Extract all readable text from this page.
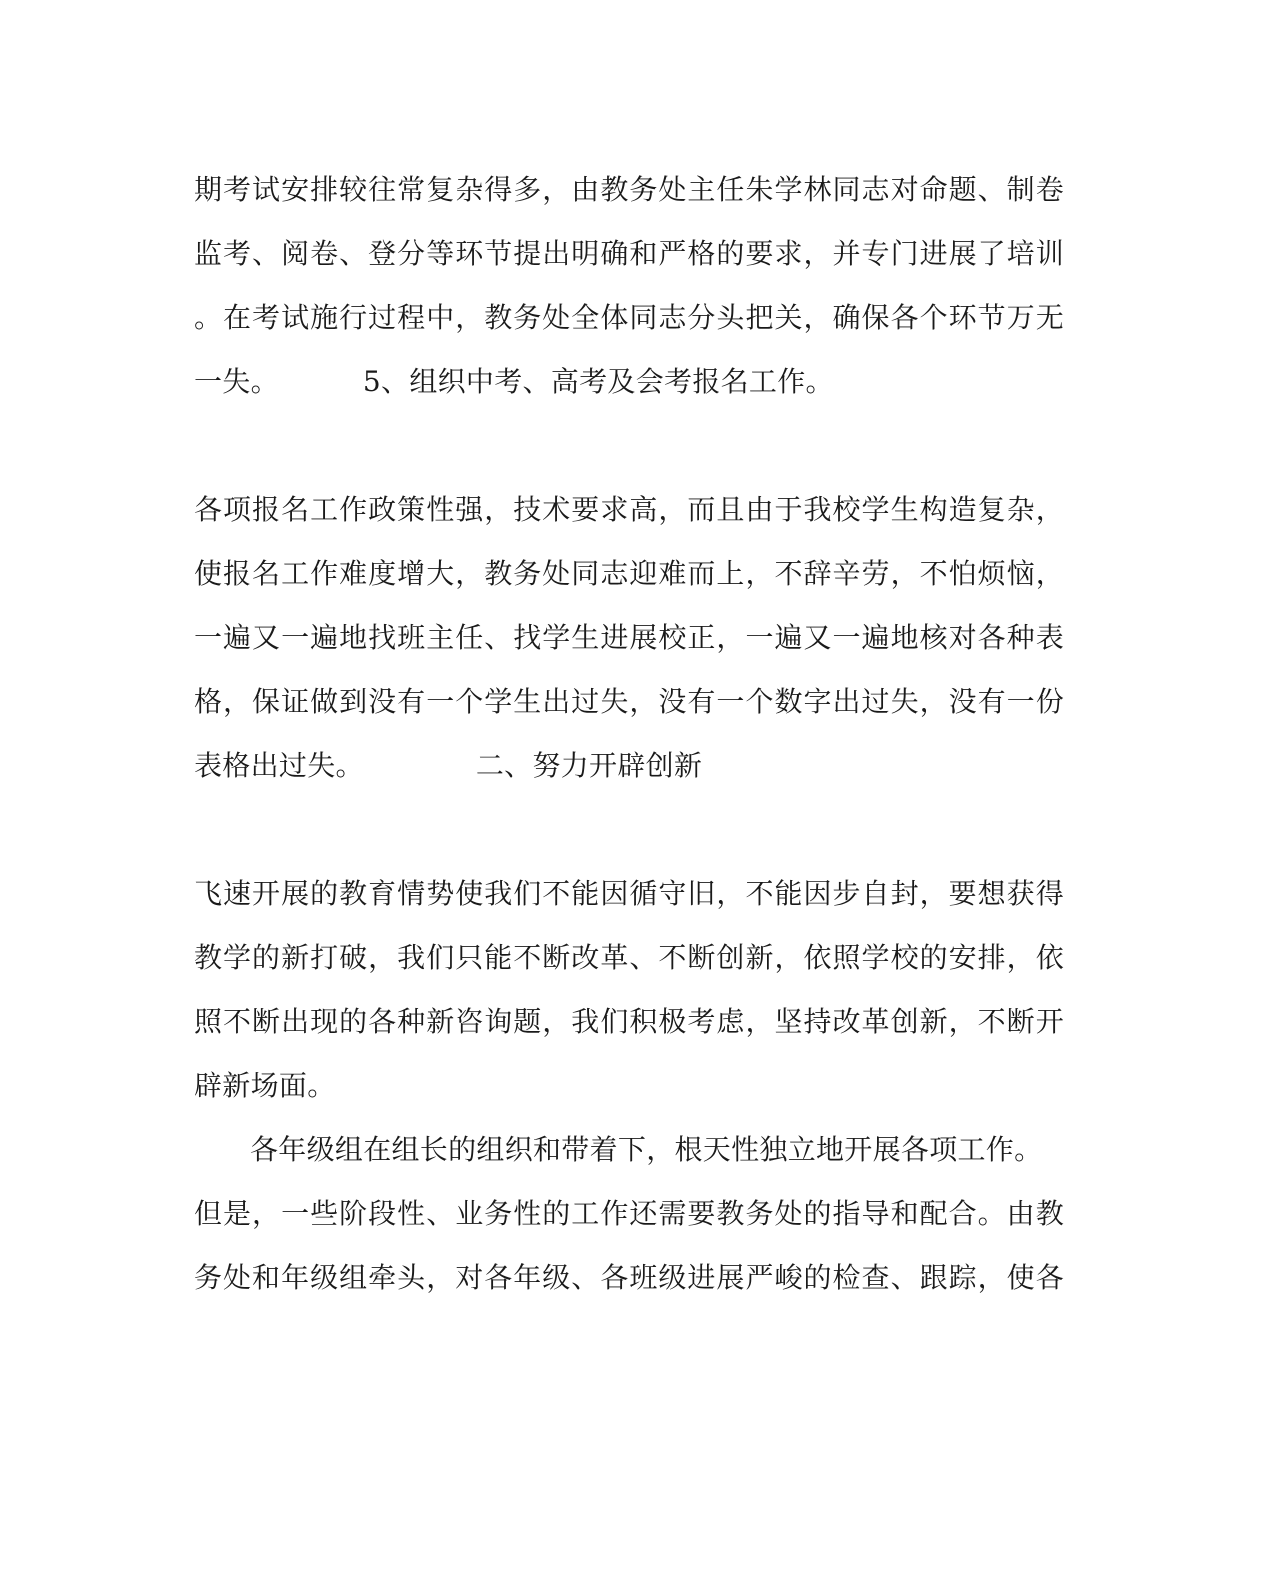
期考试安排较往常复杂得多，由教务处主任朱学林同志对命题、制卷
监考、阅卷、登分等环节提出明确和严格的要求，并专门进展了培训
。在考试施行过程中，教务处全体同志分头把关，确保各个环节万无
一失。	5、组织中考、高考及会考报名工作。
各项报名工作政策性强，技术要求高，而且由于我校学生构造复杂，
使报名工作难度增大，教务处同志迎难而上，不辞辛劳，不怕烦恼，
一遍又一遍地找班主任、找学生进展校正，一遍又一遍地核对各种表
格，保证做到没有一个学生出过失，没有一个数字出过失，没有一份
表格出过失。	二、努力开辟创新
飞速开展的教育情势使我们不能因循守旧，不能因步自封，要想获得
教学的新打破，我们只能不断改革、不断创新，依照学校的安排，依
照不断出现的各种新咨询题，我们积极考虑，坚持改革创新，不断开
辟新场面。
各年级组在组长的组织和带着下，根天性独立地开展各项工作。
但是，一些阶段性、业务性的工作还需要教务处的指导和配合。由教
务处和年级组牵头，对各年级、各班级进展严峻的检查、跟踪，使各
